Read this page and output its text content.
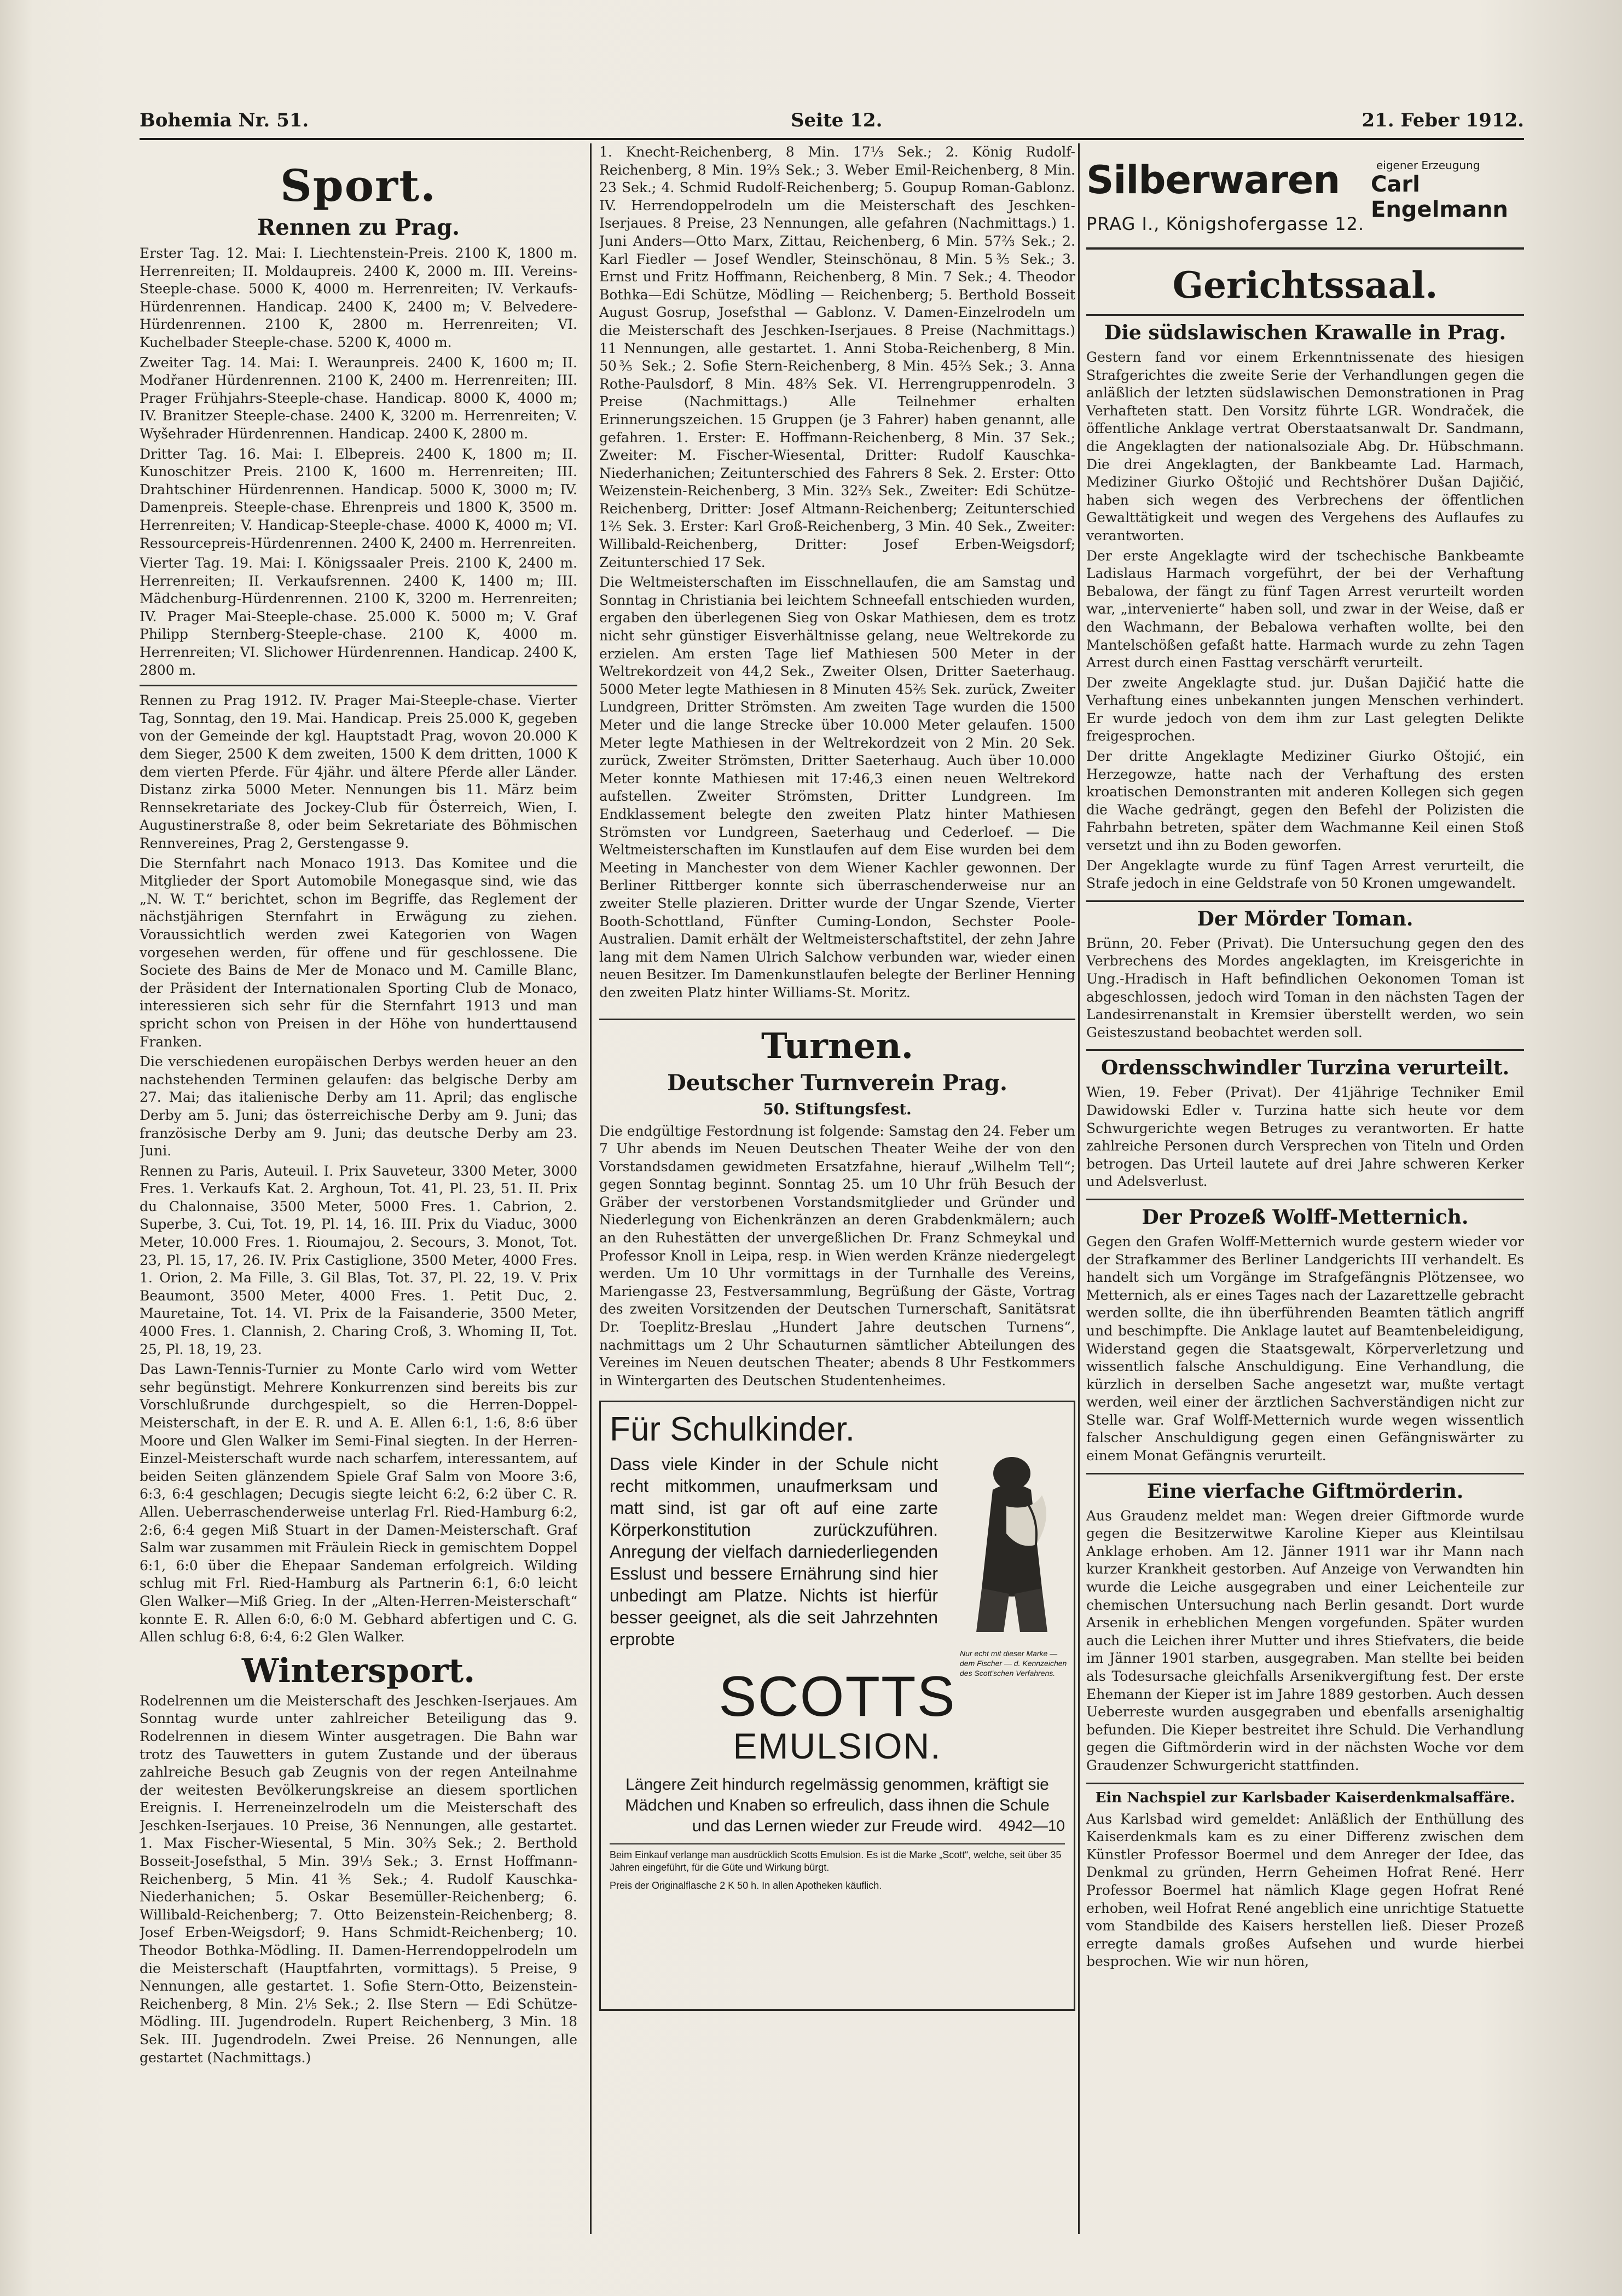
Bohemia Nr. 51.	Seite 12.	21. Feber 1912.
Sport.
Rennen zu Prag.

Erster Tag. 12. Mai: I. Liechtenstein-Preis. 2100 K, 1800 m. Herrenreiten; II. Moldaupreis. 2400 K, 2000 m. III. Vereins-Steeple-chase. 5000 K, 4000 m. Herrenreiten; IV. Verkaufs-Hürdenrennen. Handicap. 2400 K, 2400 m; V. Belvedere-Hürdenrennen. 2100 K, 2800 m. Herrenreiten; VI. Kuchelbader Steeple-chase. 5200 K, 4000 m.

Zweiter Tag. 14. Mai: I. Weraunpreis. 2400 K, 1600 m; II. Modřaner Hürdenrennen. 2100 K, 2400 m. Herrenreiten; III. Prager Frühjahrs-Steeple-chase. Handicap. 8000 K, 4000 m; IV. Branitzer Steeple-chase. 2400 K, 3200 m. Herrenreiten; V. Wyšehrader Hürdenrennen. Handicap. 2400 K, 2800 m.

Dritter Tag. 16. Mai: I. Elbepreis. 2400 K, 1800 m; II. Kunoschitzer Preis. 2100 K, 1600 m. Herrenreiten; III. Drahtschiner Hürdenrennen. Handicap. 5000 K, 3000 m; IV. Damenpreis. Steeple-chase. Ehrenpreis und 1800 K, 3500 m. Herrenreiten; V. Handicap-Steeple-chase. 4000 K, 4000 m; VI. Ressourcepreis-Hürdenrennen. 2400 K, 2400 m. Herrenreiten.

Vierter Tag. 19. Mai: I. Königssaaler Preis. 2100 K, 2400 m. Herrenreiten; II. Verkaufsrennen. 2400 K, 1400 m; III. Mädchenburg-Hürdenrennen. 2100 K, 3200 m. Herrenreiten; IV. Prager Mai-Steeple-chase. 25.000 K. 5000 m; V. Graf Philipp Sternberg-Steeple-chase. 2100 K, 4000 m. Herrenreiten; VI. Slichower Hürdenrennen. Handicap. 2400 K, 2800 m.

Rennen zu Prag 1912. IV. Prager Mai-Steeple-chase. Vierter Tag, Sonntag, den 19. Mai. Handicap. Preis 25.000 K, gegeben von der Gemeinde der kgl. Hauptstadt Prag, wovon 20.000 K dem Sieger, 2500 K dem zweiten, 1500 K dem dritten, 1000 K dem vierten Pferde. Für 4jähr. und ältere Pferde aller Länder. Distanz zirka 5000 Meter. Nennungen bis 11. März beim Rennsekretariate des Jockey-Club für Österreich, Wien, I. Augustinerstraße 8, oder beim Sekretariate des Böhmischen Rennvereines, Prag 2, Gerstengasse 9.

Die Sternfahrt nach Monaco 1913. Das Komitee und die Mitglieder der Sport Automobile Monegasque sind, wie das „N. W. T.“ berichtet, schon im Begriffe, das Reglement der nächstjährigen Sternfahrt in Erwägung zu ziehen. Voraussichtlich werden zwei Kategorien von Wagen vorgesehen werden, für offene und für geschlossene. Die Societe des Bains de Mer de Monaco und M. Camille Blanc, der Präsident der Internationalen Sporting Club de Monaco, interessieren sich sehr für die Sternfahrt 1913 und man spricht schon von Preisen in der Höhe von hunderttausend Franken.

Die verschiedenen europäischen Derbys werden heuer an den nachstehenden Terminen gelaufen: das belgische Derby am 27. Mai; das italienische Derby am 11. April; das englische Derby am 5. Juni; das österreichische Derby am 9. Juni; das französische Derby am 9. Juni; das deutsche Derby am 23. Juni.

Rennen zu Paris, Auteuil. I. Prix Sauveteur, 3300 Meter, 3000 Fres. 1. Verkaufs Kat. 2. Arghoun, Tot. 41, Pl. 23, 51. II. Prix du Chalonnaise, 3500 Meter, 5000 Fres. 1. Cabrion, 2. Superbe, 3. Cui, Tot. 19, Pl. 14, 16. III. Prix du Viaduc, 3000 Meter, 10.000 Fres. 1. Rioumajou, 2. Secours, 3. Monot, Tot. 23, Pl. 15, 17, 26. IV. Prix Castiglione, 3500 Meter, 4000 Fres. 1. Orion, 2. Ma Fille, 3. Gil Blas, Tot. 37, Pl. 22, 19. V. Prix Beaumont, 3500 Meter, 4000 Fres. 1. Petit Duc, 2. Mauretaine, Tot. 14. VI. Prix de la Faisanderie, 3500 Meter, 4000 Fres. 1. Clannish, 2. Charing Croß, 3. Whoming II, Tot. 25, Pl. 18, 19, 23.

Das Lawn-Tennis-Turnier zu Monte Carlo wird vom Wetter sehr begünstigt. Mehrere Konkurrenzen sind bereits bis zur Vorschlußrunde durchgespielt, so die Herren-Doppel-Meisterschaft, in der E. R. und A. E. Allen 6:1, 1:6, 8:6 über Moore und Glen Walker im Semi-Final siegten. In der Herren-Einzel-Meisterschaft wurde nach scharfem, interessantem, auf beiden Seiten glänzendem Spiele Graf Salm von Moore 3:6, 6:3, 6:4 geschlagen; Decugis siegte leicht 6:2, 6:2 über C. R. Allen. Ueberraschenderweise unterlag Frl. Ried-Hamburg 6:2, 2:6, 6:4 gegen Miß Stuart in der Damen-Meisterschaft. Graf Salm war zusammen mit Fräulein Rieck in gemischtem Doppel 6:1, 6:0 über die Ehepaar Sandeman erfolgreich. Wilding schlug mit Frl. Ried-Hamburg als Partnerin 6:1, 6:0 leicht Glen Walker—Miß Grieg. In der „Alten-Herren-Meisterschaft“ konnte E. R. Allen 6:0, 6:0 M. Gebhard abfertigen und C. G. Allen schlug 6:8, 6:4, 6:2 Glen Walker.

Wintersport.

Rodelrennen um die Meisterschaft des Jeschken-Iserjaues. Am Sonntag wurde unter zahlreicher Beteiligung das 9. Rodelrennen in diesem Winter ausgetragen. Die Bahn war trotz des Tauwetters in gutem Zustande und der überaus zahlreiche Besuch gab Zeugnis von der regen Anteilnahme der weitesten Bevölkerungskreise an diesem sportlichen Ereignis. I. Herreneinzelrodeln um die Meisterschaft des Jeschken-Iserjaues. 10 Preise, 36 Nennungen, alle gestartet. 1. Max Fischer-Wiesental, 5 Min. 30⅔ Sek.; 2. Berthold Bosseit-Josefsthal, 5 Min. 39⅓ Sek.; 3. Ernst Hoffmann-Reichenberg, 5 Min. 41⅗ Sek.; 4. Rudolf Kauschka-Niederhanichen; 5. Oskar Besemüller-Reichenberg; 6. Willibald-Reichenberg; 7. Otto Beizenstein-Reichenberg; 8. Josef Erben-Weigsdorf; 9. Hans Schmidt-Reichenberg; 10. Theodor Bothka-Mödling. II. Damen-Herrendoppelrodeln um die Meisterschaft (Hauptfahrten, vormittags). 5 Preise, 9 Nennungen, alle gestartet. 1. Sofie Stern-Otto, Beizenstein-Reichenberg, 8 Min. 2⅕ Sek.; 2. Ilse Stern — Edi Schütze-Mödling. III. Jugendrodeln. Rupert Reichenberg, 3 Min. 18 Sek. III. Jugendrodeln. Zwei Preise. 26 Nennungen, alle gestartet (Nachmittags.)

1. Knecht-Reichenberg, 8 Min. 17⅓ Sek.; 2. König Rudolf-Reichenberg, 8 Min. 19⅔ Sek.; 3. Weber Emil-Reichenberg, 8 Min. 23 Sek.; 4. Schmid Rudolf-Reichenberg; 5. Goupup Roman-Gablonz. IV. Herrendoppelrodeln um die Meisterschaft des Jeschken-Iserjaues. 8 Preise, 23 Nennungen, alle gefahren (Nachmittags.) 1. Juni Anders—Otto Marx, Zittau, Reichenberg, 6 Min. 57⅔ Sek.; 2. Karl Fiedler — Josef Wendler, Steinschönau, 8 Min. 5⅗ Sek.; 3. Ernst und Fritz Hoffmann, Reichenberg, 8 Min. 7 Sek.; 4. Theodor Bothka—Edi Schütze, Mödling — Reichenberg; 5. Berthold Bosseit August Gosrup, Josefsthal — Gablonz. V. Damen-Einzelrodeln um die Meisterschaft des Jeschken-Iserjaues. 8 Preise (Nachmittags.) 11 Nennungen, alle gestartet. 1. Anni Stoba-Reichenberg, 8 Min. 50⅗ Sek.; 2. Sofie Stern-Reichenberg, 8 Min. 45⅔ Sek.; 3. Anna Rothe-Paulsdorf, 8 Min. 48⅔ Sek. VI. Herrengruppenrodeln. 3 Preise (Nachmittags.) Alle Teilnehmer erhalten Erinnerungszeichen. 15 Gruppen (je 3 Fahrer) haben genannt, alle gefahren. 1. Erster: E. Hoffmann-Reichenberg, 8 Min. 37 Sek.; Zweiter: M. Fischer-Wiesental, Dritter: Rudolf Kauschka-Niederhanichen; Zeitunterschied des Fahrers 8 Sek. 2. Erster: Otto Weizenstein-Reichenberg, 3 Min. 32⅔ Sek., Zweiter: Edi Schütze-Reichenberg, Dritter: Josef Altmann-Reichenberg; Zeitunterschied 1⅖ Sek. 3. Erster: Karl Groß-Reichenberg, 3 Min. 40 Sek., Zweiter: Willibald-Reichenberg, Dritter: Josef Erben-Weigsdorf; Zeitunterschied 17 Sek.

Die Weltmeisterschaften im Eisschnellaufen, die am Samstag und Sonntag in Christiania bei leichtem Schneefall entschieden wurden, ergaben den überlegenen Sieg von Oskar Mathiesen, dem es trotz nicht sehr günstiger Eisverhältnisse gelang, neue Weltrekorde zu erzielen. Am ersten Tage lief Mathiesen 500 Meter in der Weltrekordzeit von 44,2 Sek., Zweiter Olsen, Dritter Saeterhaug. 5000 Meter legte Mathiesen in 8 Minuten 45⅖ Sek. zurück, Zweiter Lundgreen, Dritter Strömsten. Am zweiten Tage wurden die 1500 Meter und die lange Strecke über 10.000 Meter gelaufen. 1500 Meter legte Mathiesen in der Weltrekordzeit von 2 Min. 20 Sek. zurück, Zweiter Strömsten, Dritter Saeterhaug. Auch über 10.000 Meter konnte Mathiesen mit 17:46,3 einen neuen Weltrekord aufstellen. Zweiter Strömsten, Dritter Lundgreen. Im Endklassement belegte den zweiten Platz hinter Mathiesen Strömsten vor Lundgreen, Saeterhaug und Cederloef. — Die Weltmeisterschaften im Kunstlaufen auf dem Eise wurden bei dem Meeting in Manchester von dem Wiener Kachler gewonnen. Der Berliner Rittberger konnte sich überraschenderweise nur an zweiter Stelle plazieren. Dritter wurde der Ungar Szende, Vierter Booth-Schottland, Fünfter Cuming-London, Sechster Poole-Australien. Damit erhält der Weltmeisterschaftstitel, der zehn Jahre lang mit dem Namen Ulrich Salchow verbunden war, wieder einen neuen Besitzer. Im Damenkunstlaufen belegte der Berliner Henning den zweiten Platz hinter Williams-St. Moritz.

Turnen.
Deutscher Turnverein Prag.
50. Stiftungsfest.

Die endgültige Festordnung ist folgende: Samstag den 24. Feber um 7 Uhr abends im Neuen Deutschen Theater Weihe der von den Vorstandsdamen gewidmeten Ersatzfahne, hierauf „Wilhelm Tell“; gegen Sonntag beginnt. Sonntag 25. um 10 Uhr früh Besuch der Gräber der verstorbenen Vorstandsmitglieder und Gründer und Niederlegung von Eichenkränzen an deren Grabdenkmälern; auch an den Ruhestätten der unvergeßlichen Dr. Franz Schmeykal und Professor Knoll in Leipa, resp. in Wien werden Kränze niedergelegt werden. Um 10 Uhr vormittags in der Turnhalle des Vereins, Mariengasse 23, Festversammlung, Begrüßung der Gäste, Vortrag des zweiten Vorsitzenden der Deutschen Turnerschaft, Sanitätsrat Dr. Toeplitz-Breslau „Hundert Jahre deutschen Turnens“, nachmittags um 2 Uhr Schauturnen sämtlicher Abteilungen des Vereines im Neuen deutschen Theater; abends 8 Uhr Festkommers in Wintergarten des Deutschen Studentenheimes.

Für Schulkinder.
Dass viele Kinder in der Schule nicht recht mitkommen, unaufmerksam und matt sind, ist gar oft auf eine zarte Körperkonstitution zurückzuführen. Anregung der vielfach darniederliegenden Esslust und bessere Ernährung sind hier unbedingt am Platze. Nichts ist hierfür besser geeignet, als die seit Jahrzehnten erprobte
Nur echt mit dieser Marke — dem Fischer — d. Kennzeichen des Scott'schen Verfahrens.
SCOTTS
EMULSION.
Längere Zeit hindurch regelmässig genommen, kräftigt sie Mädchen und Knaben so erfreulich, dass ihnen die Schule und das Lernen wieder zur Freude wird.	4942—10
Beim Einkauf verlange man ausdrücklich Scotts Emulsion. Es ist die Marke „Scott“, welche, seit über 35 Jahren eingeführt, für die Güte und Wirkung bürgt.
Preis der Originalflasche 2 K 50 h. In allen Apotheken käuflich.
Silberwaren	eigener Erzeugung
Carl Engelmann
PRAG I., Königshofergasse 12.
Gerichtssaal.
Die südslawischen Krawalle in Prag.

Gestern fand vor einem Erkenntnissenate des hiesigen Strafgerichtes die zweite Serie der Verhandlungen gegen die anläßlich der letzten südslawischen Demonstrationen in Prag Verhafteten statt. Den Vorsitz führte LGR. Wondraček, die öffentliche Anklage vertrat Oberstaatsanwalt Dr. Sandmann, die Angeklagten der nationalsoziale Abg. Dr. Hübschmann. Die drei Angeklagten, der Bankbeamte Lad. Harmach, Mediziner Giurko Oštojić und Rechtshörer Dušan Dajičić, haben sich wegen des Verbrechens der öffentlichen Gewalttätigkeit und wegen des Vergehens des Auflaufes zu verantworten.

Der erste Angeklagte wird der tschechische Bankbeamte Ladislaus Harmach vorgeführt, der bei der Verhaftung Bebalowa, der fängt zu fünf Tagen Arrest verurteilt worden war, „intervenierte“ haben soll, und zwar in der Weise, daß er den Wachmann, der Bebalowa verhaften wollte, bei den Mantelschößen gefaßt hatte. Harmach wurde zu zehn Tagen Arrest durch einen Fasttag verschärft verurteilt.

Der zweite Angeklagte stud. jur. Dušan Dajičić hatte die Verhaftung eines unbekannten jungen Menschen verhindert. Er wurde jedoch von dem ihm zur Last gelegten Delikte freigesprochen.

Der dritte Angeklagte Mediziner Giurko Oštojić, ein Herzegowze, hatte nach der Verhaftung des ersten kroatischen Demonstranten mit anderen Kollegen sich gegen die Wache gedrängt, gegen den Befehl der Polizisten die Fahrbahn betreten, später dem Wachmanne Keil einen Stoß versetzt und ihn zu Boden geworfen.

Der Angeklagte wurde zu fünf Tagen Arrest verurteilt, die Strafe jedoch in eine Geldstrafe von 50 Kronen umgewandelt.

Der Mörder Toman.

Brünn, 20. Feber (Privat). Die Untersuchung gegen den des Verbrechens des Mordes angeklagten, im Kreisgerichte in Ung.-Hradisch in Haft befindlichen Oekonomen Toman ist abgeschlossen, jedoch wird Toman in den nächsten Tagen der Landesirrenanstalt in Kremsier überstellt werden, wo sein Geisteszustand beobachtet werden soll.

Ordensschwindler Turzina verurteilt.

Wien, 19. Feber (Privat). Der 41jährige Techniker Emil Dawidowski Edler v. Turzina hatte sich heute vor dem Schwurgerichte wegen Betruges zu verantworten. Er hatte zahlreiche Personen durch Versprechen von Titeln und Orden betrogen. Das Urteil lautete auf drei Jahre schweren Kerker und Adelsverlust.

Der Prozeß Wolff-Metternich.

Gegen den Grafen Wolff-Metternich wurde gestern wieder vor der Strafkammer des Berliner Landgerichts III verhandelt. Es handelt sich um Vorgänge im Strafgefängnis Plötzensee, wo Metternich, als er eines Tages nach der Lazarettzelle gebracht werden sollte, die ihn überführenden Beamten tätlich angriff und beschimpfte. Die Anklage lautet auf Beamtenbeleidigung, Widerstand gegen die Staatsgewalt, Körperverletzung und wissentlich falsche Anschuldigung. Eine Verhandlung, die kürzlich in derselben Sache angesetzt war, mußte vertagt werden, weil einer der ärztlichen Sachverständigen nicht zur Stelle war. Graf Wolff-Metternich wurde wegen wissentlich falscher Anschuldigung gegen einen Gefängniswärter zu einem Monat Gefängnis verurteilt.

Eine vierfache Giftmörderin.

Aus Graudenz meldet man: Wegen dreier Giftmorde wurde gegen die Besitzerwitwe Karoline Kieper aus Kleintilsau Anklage erhoben. Am 12. Jänner 1911 war ihr Mann nach kurzer Krankheit gestorben. Auf Anzeige von Verwandten hin wurde die Leiche ausgegraben und einer Leichenteile zur chemischen Untersuchung nach Berlin gesandt. Dort wurde Arsenik in erheblichen Mengen vorgefunden. Später wurden auch die Leichen ihrer Mutter und ihres Stiefvaters, die beide im Jänner 1901 starben, ausgegraben. Man stellte bei beiden als Todesursache gleichfalls Arsenikvergiftung fest. Der erste Ehemann der Kieper ist im Jahre 1889 gestorben. Auch dessen Ueberreste wurden ausgegraben und ebenfalls arsenighaltig befunden. Die Kieper bestreitet ihre Schuld. Die Verhandlung gegen die Giftmörderin wird in der nächsten Woche vor dem Graudenzer Schwurgericht stattfinden.

Ein Nachspiel zur Karlsbader Kaiserdenkmalsaffäre.

Aus Karlsbad wird gemeldet: Anläßlich der Enthüllung des Kaiserdenkmals kam es zu einer Differenz zwischen dem Künstler Professor Boermel und dem Anreger der Idee, das Denkmal zu gründen, Herrn Geheimen Hofrat René. Herr Professor Boermel hat nämlich Klage gegen Hofrat René erhoben, weil Hofrat René angeblich eine unrichtige Statuette vom Standbilde des Kaisers herstellen ließ. Dieser Prozeß erregte damals großes Aufsehen und wurde hierbei besprochen. Wie wir nun hören,
